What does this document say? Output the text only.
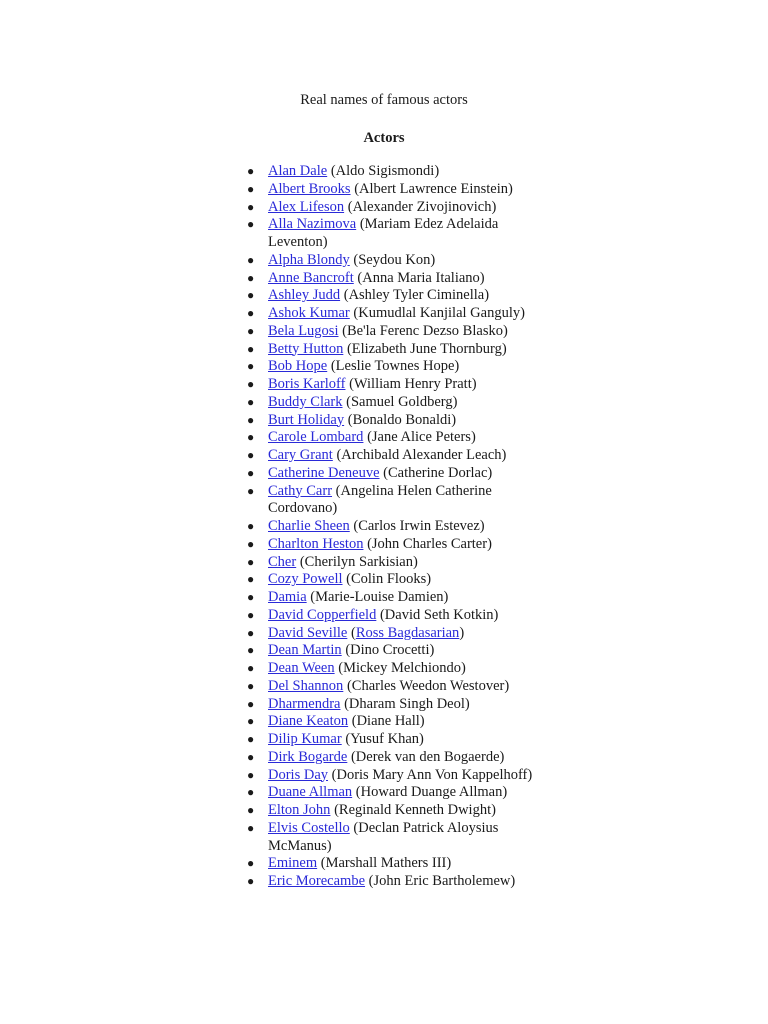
Real names of famous actors
Actors
● Alan Dale (Aldo Sigismondi)
● Albert Brooks (Albert Lawrence Einstein)
● Alex Lifeson (Alexander Zivojinovich)
● Alla Nazimova (Mariam Edez Adelaida Leventon)
● Alpha Blondy (Seydou Kon)
● Anne Bancroft (Anna Maria Italiano)
● Ashley Judd (Ashley Tyler Ciminella)
● Ashok Kumar (Kumudlal Kanjilal Ganguly)
● Bela Lugosi (Be'la Ferenc Dezso Blasko)
● Betty Hutton (Elizabeth June Thornburg)
● Bob Hope (Leslie Townes Hope)
● Boris Karloff (William Henry Pratt)
● Buddy Clark (Samuel Goldberg)
● Burt Holiday (Bonaldo Bonaldi)
● Carole Lombard (Jane Alice Peters)
● Cary Grant (Archibald Alexander Leach)
● Catherine Deneuve (Catherine Dorlac)
● Cathy Carr (Angelina Helen Catherine Cordovano)
● Charlie Sheen (Carlos Irwin Estevez)
● Charlton Heston (John Charles Carter)
● Cher (Cherilyn Sarkisian)
● Cozy Powell (Colin Flooks)
● Damia (Marie-Louise Damien)
● David Copperfield (David Seth Kotkin)
● David Seville (Ross Bagdasarian)
● Dean Martin (Dino Crocetti)
● Dean Ween (Mickey Melchiondo)
● Del Shannon (Charles Weedon Westover)
● Dharmendra (Dharam Singh Deol)
● Diane Keaton (Diane Hall)
● Dilip Kumar (Yusuf Khan)
● Dirk Bogarde (Derek van den Bogaerde)
● Doris Day (Doris Mary Ann Von Kappelhoff)
● Duane Allman (Howard Duange Allman)
● Elton John (Reginald Kenneth Dwight)
● Elvis Costello (Declan Patrick Aloysius McManus)
● Eminem (Marshall Mathers III)
● Eric Morecambe (John Eric Bartholemew)
